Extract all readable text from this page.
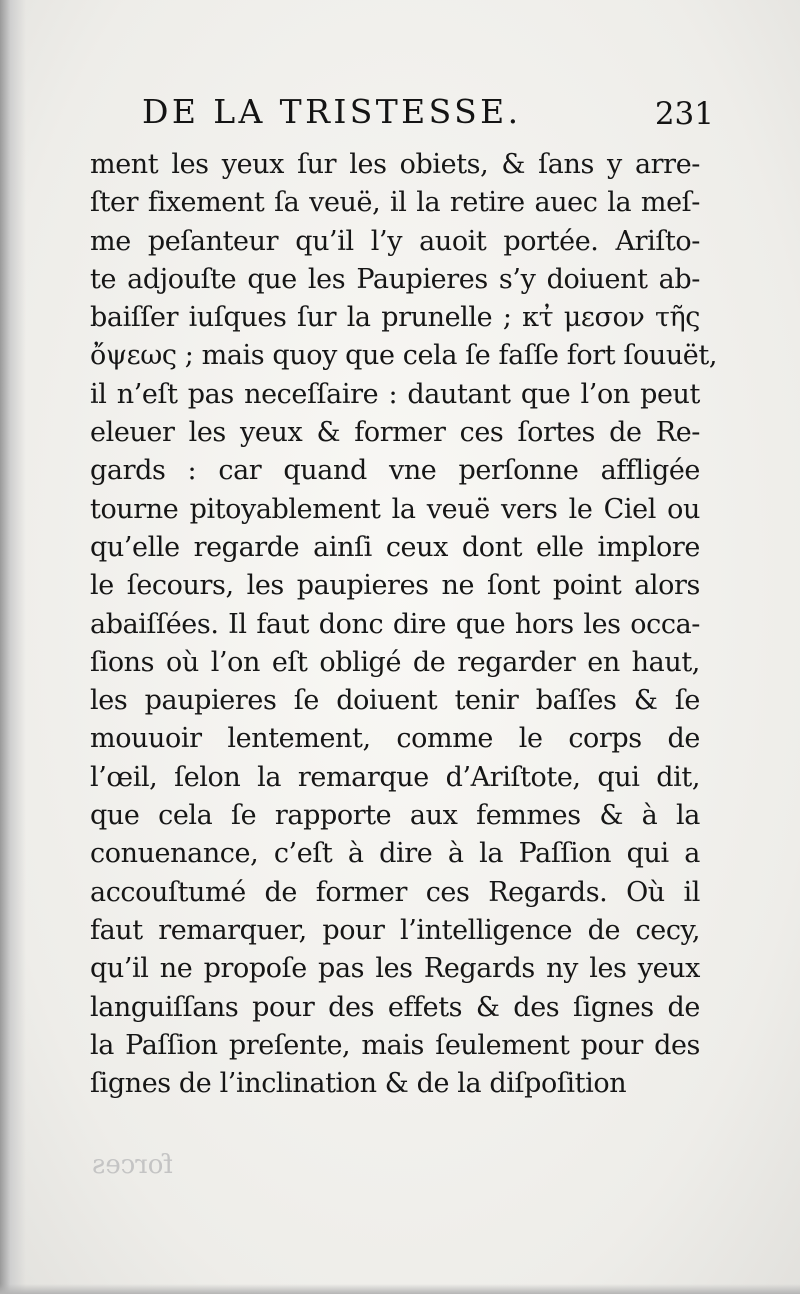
DE LA TRISTESSE.	231
ment les yeux ſur les obiets, & ſans y arre-
ſter fixement ſa veuë, il la retire auec la meſ-
me peſanteur qu’il l’y auoit portée. Ariſto-
te adjouſte que les Paupieres s’y doiuent ab-
baiſſer iuſques ſur la prunelle ; κτ̓ μεσον τῆς
ὄψεως ; mais quoy que cela ſe faſſe fort ſouuët,
il n’eſt pas neceſſaire : dautant que l’on peut
eleuer les yeux & former ces ſortes de Re-
gards : car quand vne perſonne affligée
tourne pitoyablement la veuë vers le Ciel ou
qu’elle regarde ainſi ceux dont elle implore
le ſecours, les paupieres ne ſont point alors
abaiſſées. Il faut donc dire que hors les occa-
ſions où l’on eſt obligé de regarder en haut,
les paupieres ſe doiuent tenir baſſes & ſe
mouuoir lentement, comme le corps de
l’œil, ſelon la remarque d’Ariſtote, qui dit,
que cela ſe rapporte aux femmes & à la
conuenance, c’eſt à dire à la Paſſion qui a
accouſtumé de former ces Regards. Où il
faut remarquer, pour l’intelligence de cecy,
qu’il ne propoſe pas les Regards ny les yeux
languiſſans pour des effets & des ſignes de
la Paſſion preſente, mais ſeulement pour des
ſignes de l’inclination & de la diſpoſition
forces
